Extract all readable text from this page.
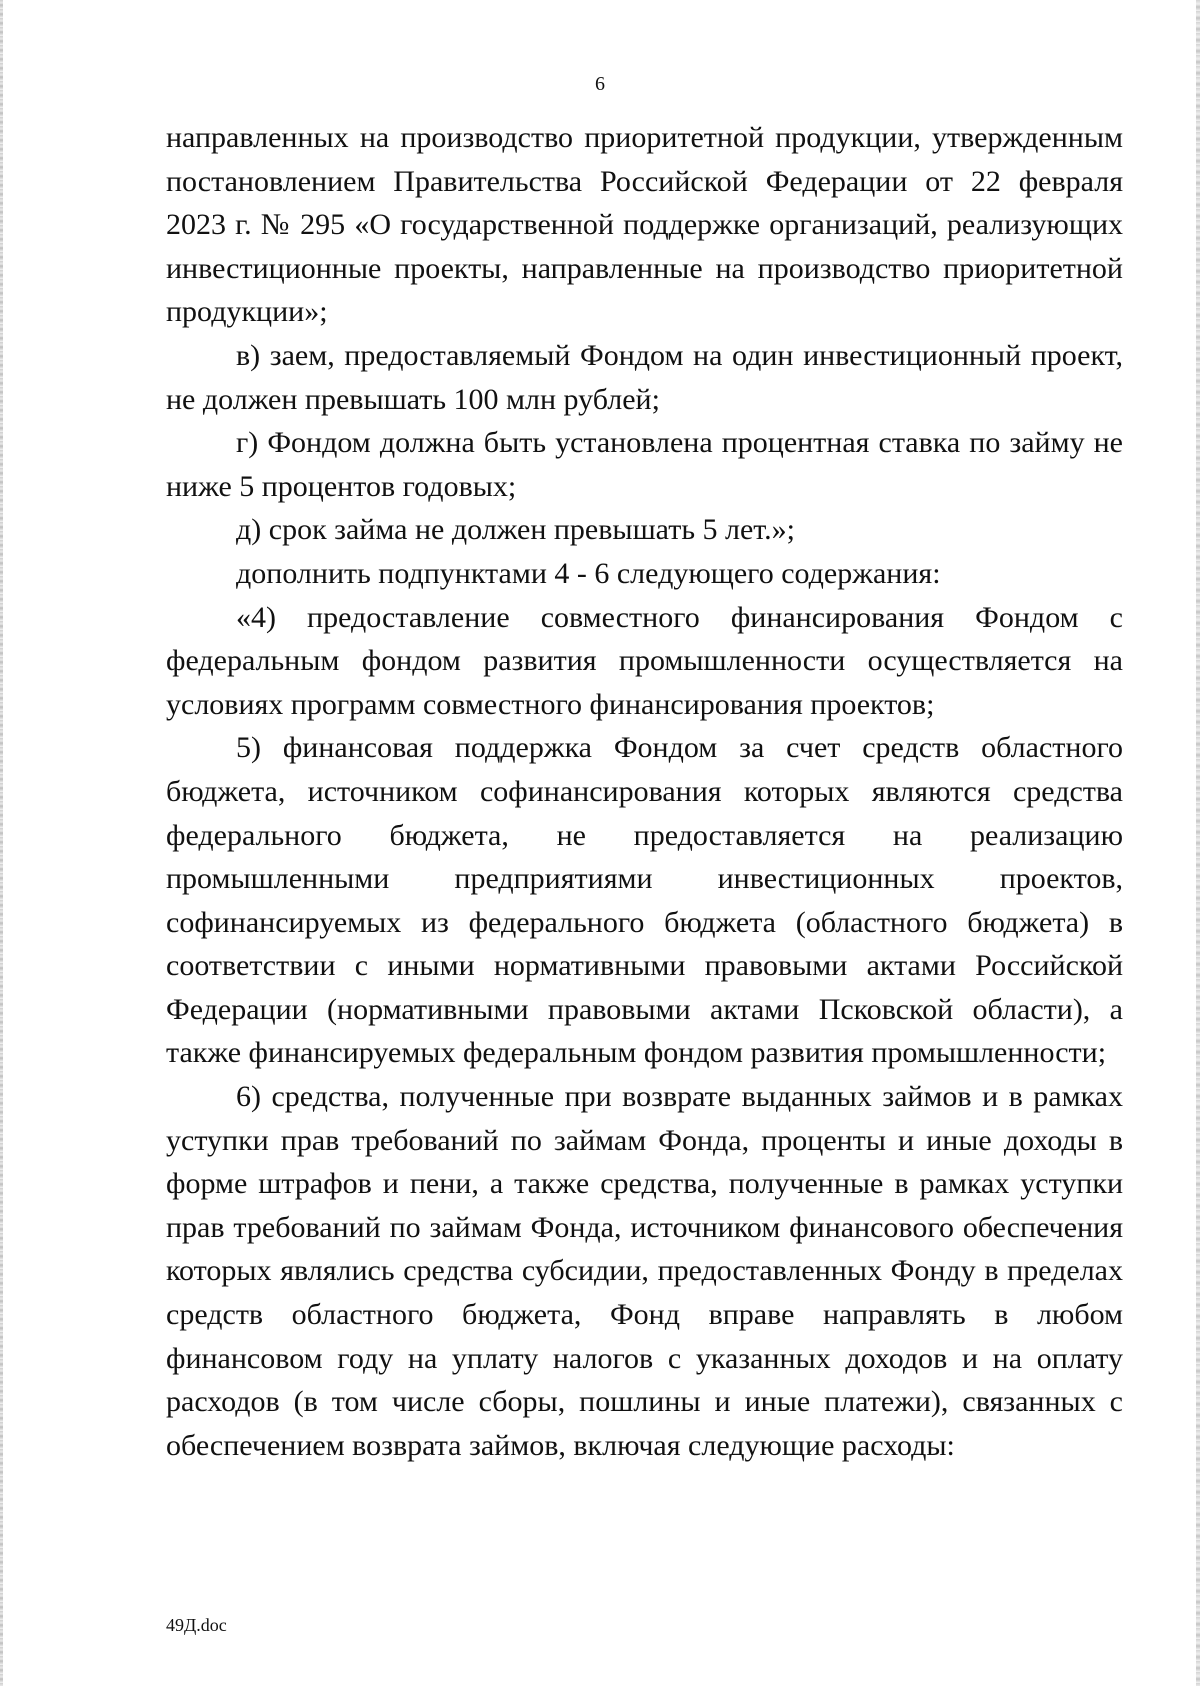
6

направленных на производство приоритетной продукции, утвержденным постановлением Правительства Российской Федерации от 22 февраля 2023 г. № 295 «О государственной поддержке организаций, реализующих инвестиционные проекты, направленные на производство приоритетной продукции»;

в) заем, предоставляемый Фондом на один инвестиционный проект, не должен превышать 100 млн рублей;

г) Фондом должна быть установлена процентная ставка по займу не ниже 5 процентов годовых;

д) срок займа не должен превышать 5 лет.»;

дополнить подпунктами 4 - 6 следующего содержания:

«4) предоставление совместного финансирования Фондом с федеральным фондом развития промышленности осуществляется на условиях программ совместного финансирования проектов;

5) финансовая поддержка Фондом за счет средств областного бюджета, источником софинансирования которых являются средства федерального бюджета, не предоставляется на реализацию промышленными предприятиями инвестиционных проектов, софинансируемых из федерального бюджета (областного бюджета) в соответствии с иными нормативными правовыми актами Российской Федерации (нормативными правовыми актами Псковской области), а также финансируемых федеральным фондом развития промышленности;

6) средства, полученные при возврате выданных займов и в рамках уступки прав требований по займам Фонда, проценты и иные доходы в форме штрафов и пени, а также средства, полученные в рамках уступки прав требований по займам Фонда, источником финансового обеспечения которых являлись средства субсидии, предоставленных Фонду в пределах средств областного бюджета, Фонд вправе направлять в любом финансовом году на уплату налогов с указанных доходов и на оплату расходов (в том числе сборы, пошлины и иные платежи), связанных с обеспечением возврата займов, включая следующие расходы:

49Д.doc
